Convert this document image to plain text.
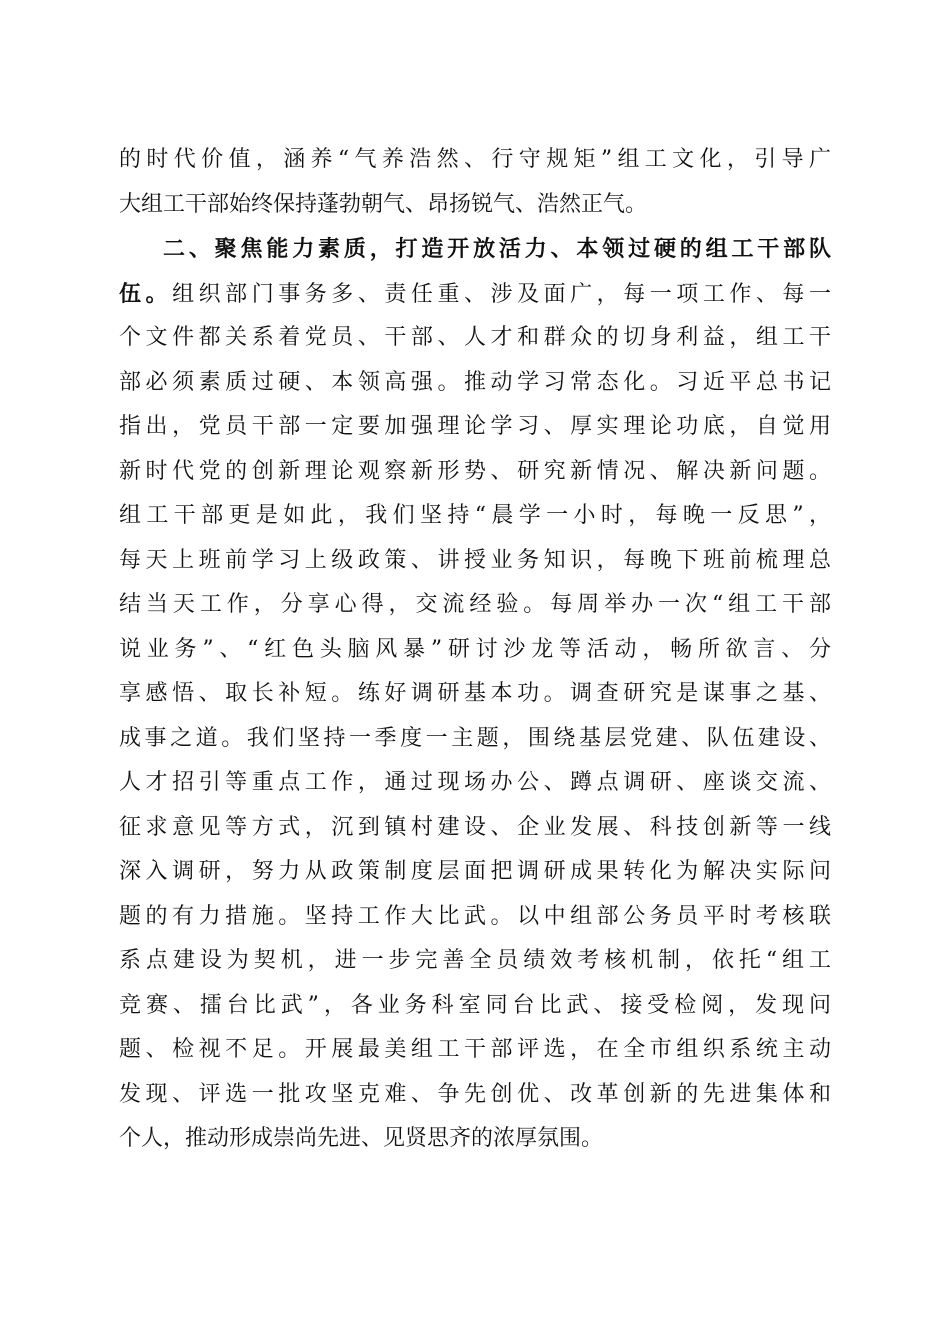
的时代价值，涵养“气养浩然、行守规矩”组工文化，引导广
大组工干部始终保持蓬勃朝气、昂扬锐气、浩然正气。
二、聚焦能力素质，打造开放活力、本领过硬的组工干部队
伍。组织部门事务多、责任重、涉及面广，每一项工作、每一
个文件都关系着党员、干部、人才和群众的切身利益，组工干
部必须素质过硬、本领高强。推动学习常态化。习近平总书记
指出，党员干部一定要加强理论学习、厚实理论功底，自觉用
新时代党的创新理论观察新形势、研究新情况、解决新问题。
组工干部更是如此，我们坚持“晨学一小时，每晚一反思”，
每天上班前学习上级政策、讲授业务知识，每晚下班前梳理总
结当天工作，分享心得，交流经验。每周举办一次“组工干部
说业务”、“红色头脑风暴”研讨沙龙等活动，畅所欲言、分
享感悟、取长补短。练好调研基本功。调查研究是谋事之基、
成事之道。我们坚持一季度一主题，围绕基层党建、队伍建设、
人才招引等重点工作，通过现场办公、蹲点调研、座谈交流、
征求意见等方式，沉到镇村建设、企业发展、科技创新等一线
深入调研，努力从政策制度层面把调研成果转化为解决实际问
题的有力措施。坚持工作大比武。以中组部公务员平时考核联
系点建设为契机，进一步完善全员绩效考核机制，依托“组工
竞赛、擂台比武”，各业务科室同台比武、接受检阅，发现问
题、检视不足。开展最美组工干部评选，在全市组织系统主动
发现、评选一批攻坚克难、争先创优、改革创新的先进集体和
个人，推动形成崇尚先进、见贤思齐的浓厚氛围。
